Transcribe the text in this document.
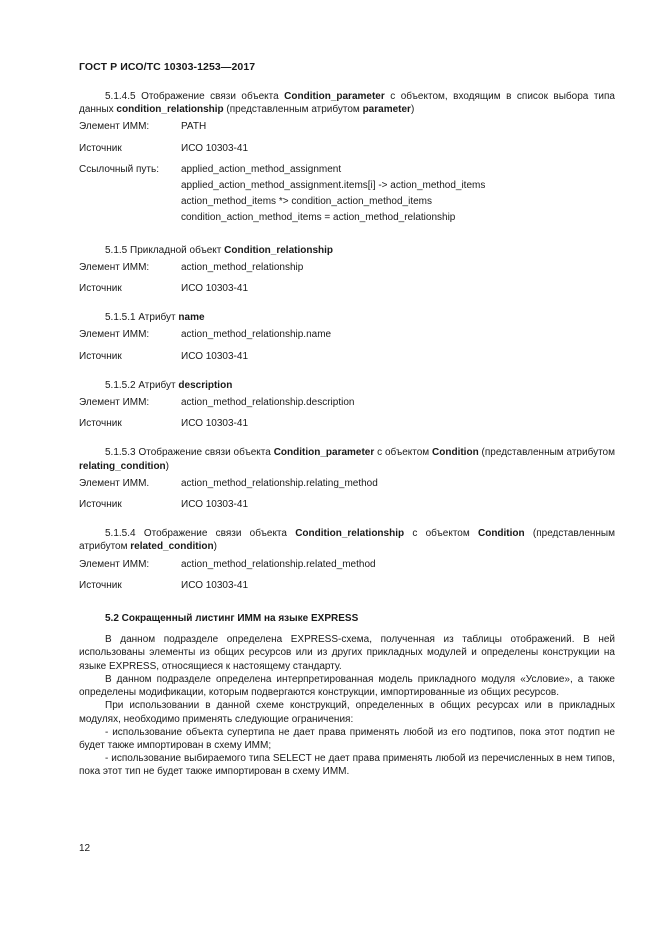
ГОСТ Р ИСО/ТС 10303-1253—2017

5.1.4.5 Отображение связи объекта Condition_parameter с объектом, входящим в список выбора типа данных condition_relationship (представленным атрибутом parameter)

Элемент ИММ:	PATH
Источник	ИСО 10303-41
Ссылочный путь:	applied_action_method_assignment
applied_action_method_assignment.items[i] -> action_method_items
action_method_items *> condition_action_method_items
condition_action_method_items = action_method_relationship

5.1.5 Прикладной объект Condition_relationship

Элемент ИММ:	action_method_relationship
Источник	ИСО 10303-41

5.1.5.1 Атрибут name

Элемент ИММ:	action_method_relationship.name
Источник	ИСО 10303-41

5.1.5.2 Атрибут description

Элемент ИММ:	action_method_relationship.description
Источник	ИСО 10303-41

5.1.5.3 Отображение связи объекта Condition_parameter с объектом Condition (представленным атрибутом relating_condition)

Элемент ИММ.	action_method_relationship.relating_method
Источник	ИСО 10303-41

5.1.5.4 Отображение связи объекта Condition_relationship с объектом Condition (представленным атрибутом related_condition)

Элемент ИММ:	action_method_relationship.related_method
Источник	ИСО 10303-41

5.2 Сокращенный листинг ИММ на языке EXPRESS

В данном подразделе определена EXPRESS-схема, полученная из таблицы отображений. В ней использованы элементы из общих ресурсов или из других прикладных модулей и определены конструкции на языке EXPRESS, относящиеся к настоящему стандарту.

В данном подразделе определена интерпретированная модель прикладного модуля «Условие», а также определены модификации, которым подвергаются конструкции, импортированные из общих ресурсов.

При использовании в данной схеме конструкций, определенных в общих ресурсах или в прикладных модулях, необходимо применять следующие ограничения:

- использование объекта супертипа не дает права применять любой из его подтипов, пока этот подтип не будет также импортирован в схему ИММ;

- использование выбираемого типа SELECT не дает права применять любой из перечисленных в нем типов, пока этот тип не будет также импортирован в схему ИММ.

12
